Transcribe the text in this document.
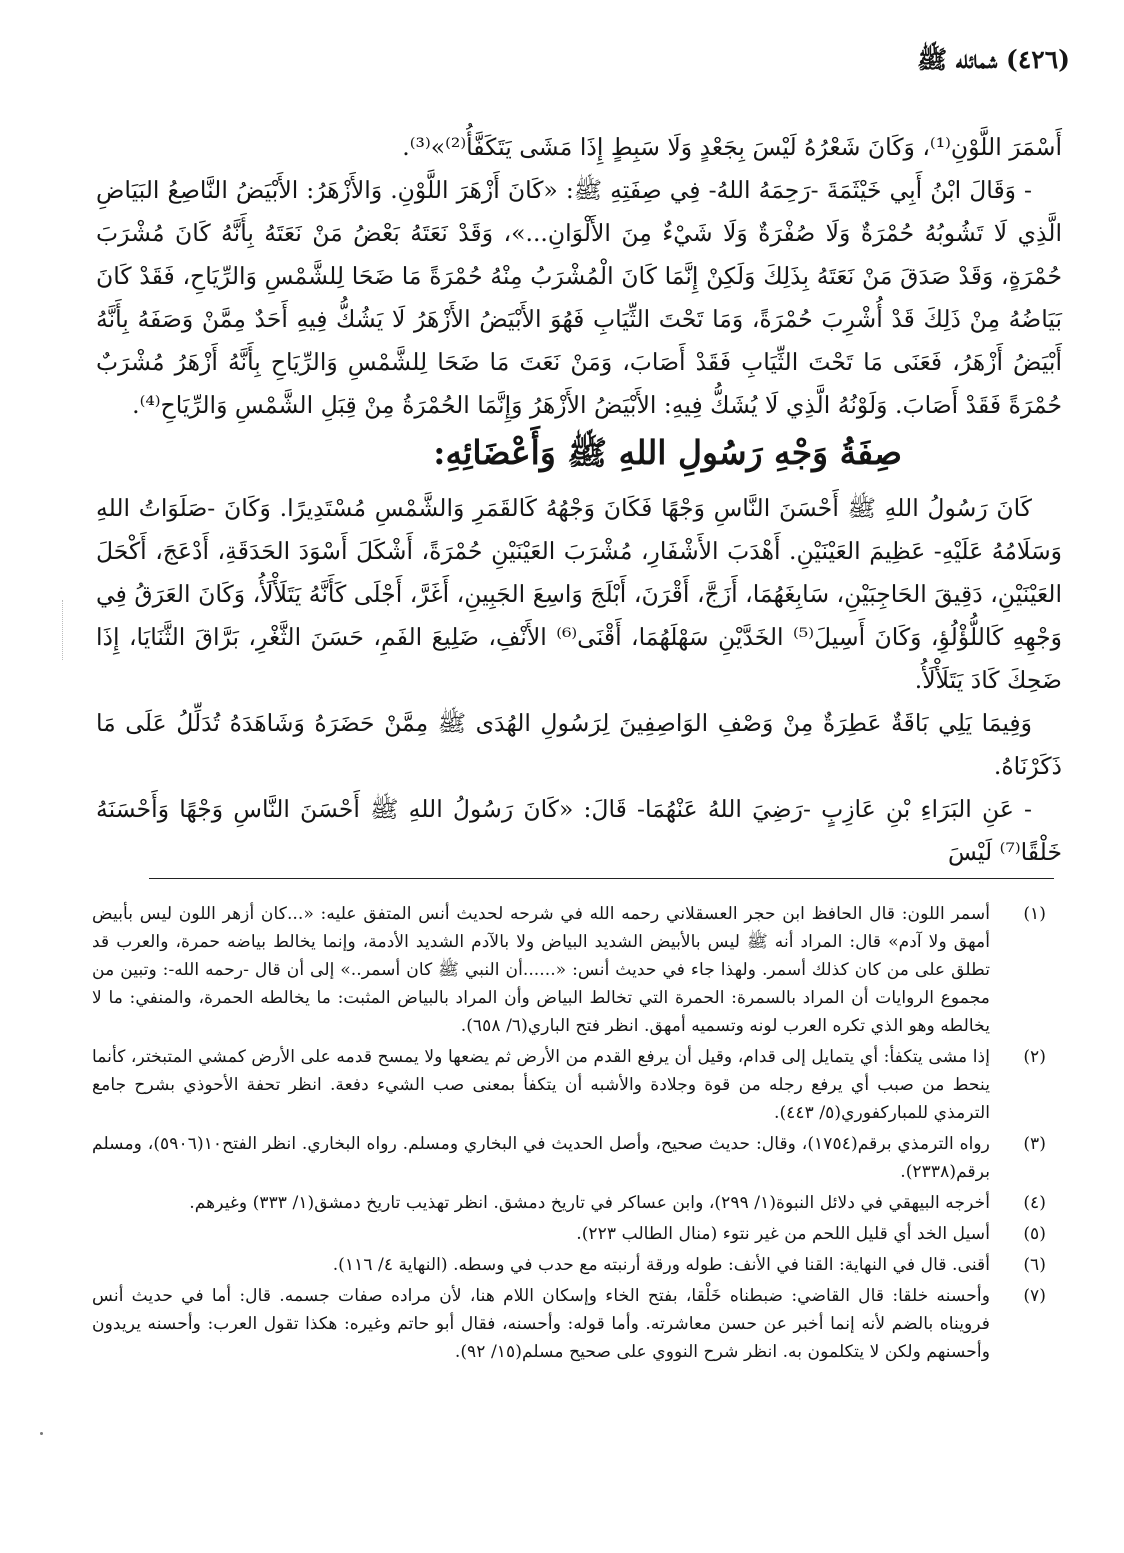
(٤٢٦) شمائله ﷺ

أَسْمَرَ اللَّوْنِ⁽¹⁾، وَكَانَ شَعْرُهُ لَيْسَ بِجَعْدٍ وَلَا سَبِطٍ إِذَا مَشَى يَتَكَفَّأُ⁽²⁾»⁽³⁾.

- وَقَالَ ابْنُ أَبِي خَيْثَمَةَ -رَحِمَهُ اللهُ- فِي صِفَتِهِ ﷺ: «كَانَ أَزْهَرَ اللَّوْنِ. وَالأَزْهَرُ: الأَبْيَضُ النَّاصِعُ البَيَاضِ الَّذِي لَا تَشُوبُهُ حُمْرَةٌ وَلَا صُفْرَةٌ وَلَا شَيْءٌ مِنَ الأَلْوَانِ...»، وَقَدْ نَعَتَهُ بَعْضُ مَنْ نَعَتَهُ بِأَنَّهُ كَانَ مُشْرَبَ حُمْرَةٍ، وَقَدْ صَدَقَ مَنْ نَعَتَهُ بِذَلِكَ وَلَكِنْ إِنَّمَا كَانَ الْمُشْرَبُ مِنْهُ حُمْرَةً مَا ضَحَا لِلشَّمْسِ وَالرِّيَاحِ، فَقَدْ كَانَ بَيَاضُهُ مِنْ ذَلِكَ قَدْ أُشْرِبَ حُمْرَةً، وَمَا تَحْتَ الثِّيَابِ فَهُوَ الأَبْيَضُ الأَزْهَرُ لَا يَشُكُّ فِيهِ أَحَدٌ مِمَّنْ وَصَفَهُ بِأَنَّهُ أَبْيَضُ أَزْهَرُ، فَعَنَى مَا تَحْتَ الثِّيَابِ فَقَدْ أَصَابَ، وَمَنْ نَعَتَ مَا ضَحَا لِلشَّمْسِ وَالرِّيَاحِ بِأَنَّهُ أَزْهَرُ مُشْرَبٌ حُمْرَةً فَقَدْ أَصَابَ. وَلَوْنُهُ الَّذِي لَا يُشَكُّ فِيهِ: الأَبْيَضُ الأَزْهَرُ وَإِنَّمَا الحُمْرَةُ مِنْ قِبَلِ الشَّمْسِ وَالرِّيَاحِ⁽⁴⁾.

صِفَةُ وَجْهِ رَسُولِ اللهِ ﷺ وَأَعْضَائِهِ:

كَانَ رَسُولُ اللهِ ﷺ أَحْسَنَ النَّاسِ وَجْهًا فَكَانَ وَجْهُهُ كَالقَمَرِ وَالشَّمْسِ مُسْتَدِيرًا. وَكَانَ -صَلَوَاتُ اللهِ وَسَلَامُهُ عَلَيْهِ- عَظِيمَ العَيْنَيْنِ. أَهْدَبَ الأَشْفَارِ، مُشْرَبَ العَيْنَيْنِ حُمْرَةً، أَشْكَلَ أَسْوَدَ الحَدَقَةِ، أَدْعَجَ، أَكْحَلَ العَيْنَيْنِ، دَقِيقَ الحَاجِبَيْنِ، سَابِغَهُمَا، أَزَجَّ، أَقْرَنَ، أَبْلَجَ وَاسِعَ الجَبِينِ، أَغَرَّ، أَجْلَى كَأَنَّهُ يَتَلَأْلَأُ، وَكَانَ العَرَقُ فِي وَجْهِهِ كَاللُّؤْلُؤِ، وَكَانَ أَسِيلَ⁽⁵⁾ الخَدَّيْنِ سَهْلَهُمَا، أَقْنَى⁽⁶⁾ الأَنْفِ، ضَلِيعَ الفَمِ، حَسَنَ الثَّغْرِ، بَرَّاقَ الثَّنَايَا، إِذَا ضَحِكَ كَادَ يَتَلَأْلَأُ.

وَفِيمَا يَلِي بَاقَةٌ عَطِرَةٌ مِنْ وَصْفِ الوَاصِفِينَ لِرَسُولِ الهُدَى ﷺ مِمَّنْ حَضَرَهُ وَشَاهَدَهُ تُدَلِّلُ عَلَى مَا ذَكَرْنَاهُ.

- عَنِ البَرَاءِ بْنِ عَازِبٍ -رَضِيَ اللهُ عَنْهُمَا- قَالَ: «كَانَ رَسُولُ اللهِ ﷺ أَحْسَنَ النَّاسِ وَجْهًا وَأَحْسَنَهُ خَلْقًا⁽⁷⁾ لَيْسَ

(١)
أسمر اللون: قال الحافظ ابن حجر العسقلاني رحمه الله في شرحه لحديث أنس المتفق عليه: «...كان أزهر اللون ليس بأبيض أمهق ولا آدم» قال: المراد أنه ﷺ ليس بالأبيض الشديد البياض ولا بالآدم الشديد الأدمة، وإنما يخالط بياضه حمرة، والعرب قد تطلق على من كان كذلك أسمر. ولهذا جاء في حديث أنس: «......أن النبي ﷺ كان أسمر..» إلى أن قال -رحمه الله-: وتبين من مجموع الروايات أن المراد بالسمرة: الحمرة التي تخالط البياض وأن المراد بالبياض المثبت: ما يخالطه الحمرة، والمنفي: ما لا يخالطه وهو الذي تكره العرب لونه وتسميه أمهق. انظر فتح الباري(٦/ ٦٥٨).
(٢)
إذا مشى يتكفأ: أي يتمايل إلى قدام، وقيل أن يرفع القدم من الأرض ثم يضعها ولا يمسح قدمه على الأرض كمشي المتبختر، كأنما ينحط من صبب أي يرفع رجله من قوة وجلادة والأشبه أن يتكفأ بمعنى صب الشيء دفعة. انظر تحفة الأحوذي بشرح جامع الترمذي للمباركفوري(٥/ ٤٤٣).
(٣)
رواه الترمذي برقم(١٧٥٤)، وقال: حديث صحيح، وأصل الحديث في البخاري ومسلم. رواه البخاري. انظر الفتح١٠(٥٩٠٦)، ومسلم برقم(٢٣٣٨).
(٤)
أخرجه البيهقي في دلائل النبوة(١/ ٢٩٩)، وابن عساكر في تاريخ دمشق. انظر تهذيب تاريخ دمشق(١/ ٣٣٣) وغيرهم.
(٥)
أسيل الخد أي قليل اللحم من غير نتوء (منال الطالب ٢٢٣).
(٦)
أقنى. قال في النهاية: القنا في الأنف: طوله ورقة أرنبته مع حدب في وسطه. (النهاية ٤/ ١١٦).
(٧)
وأحسنه خلقا: قال القاضي: ضبطناه خَلْقا، بفتح الخاء وإسكان اللام هنا، لأن مراده صفات جسمه. قال: أما في حديث أنس فرويناه بالضم لأنه إنما أخبر عن حسن معاشرته. وأما قوله: وأحسنه، فقال أبو حاتم وغيره: هكذا تقول العرب: وأحسنه يريدون وأحسنهم ولكن لا يتكلمون به. انظر شرح النووي على صحيح مسلم(١٥/ ٩٢).
